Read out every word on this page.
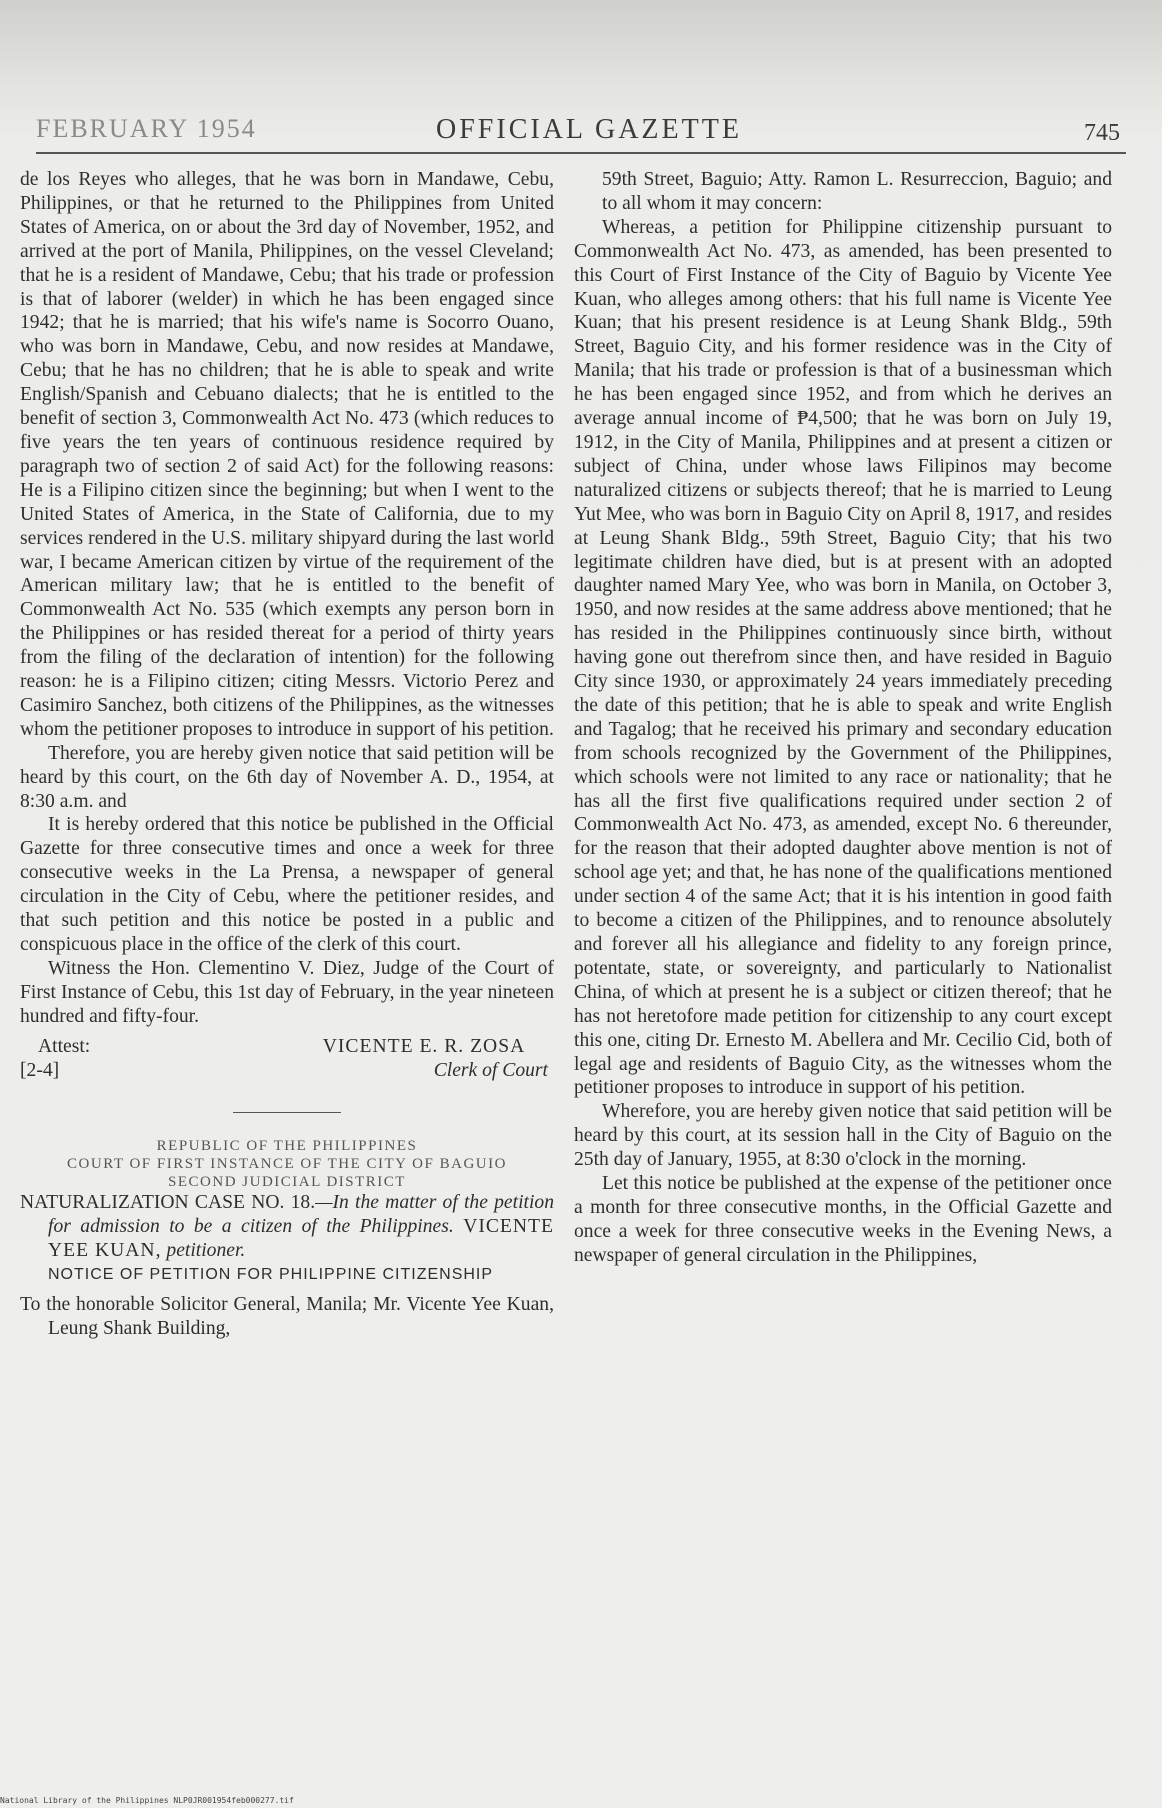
FEBRUARY 1954	OFFICIAL GAZETTE	745

de los Reyes who alleges, that he was born in Mandawe, Cebu, Philippines, or that he returned to the Philippines from United States of America, on or about the 3rd day of November, 1952, and arrived at the port of Manila, Philippines, on the vessel Cleveland; that he is a resident of Mandawe, Cebu; that his trade or profession is that of laborer (welder) in which he has been engaged since 1942; that he is married; that his wife's name is Socorro Ouano, who was born in Mandawe, Cebu, and now resides at Mandawe, Cebu; that he has no children; that he is able to speak and write English/Spanish and Cebuano dialects; that he is entitled to the benefit of section 3, Commonwealth Act No. 473 (which reduces to five years the ten years of continuous residence required by paragraph two of section 2 of said Act) for the following reasons: He is a Filipino citizen since the beginning; but when I went to the United States of America, in the State of California, due to my services rendered in the U.S. military shipyard during the last world war, I became American citizen by virtue of the requirement of the American military law; that he is entitled to the benefit of Commonwealth Act No. 535 (which exempts any person born in the Philippines or has resided thereat for a period of thirty years from the filing of the declaration of intention) for the following reason: he is a Filipino citizen; citing Messrs. Victorio Perez and Casimiro Sanchez, both citizens of the Philippines, as the witnesses whom the petitioner proposes to introduce in support of his petition.

Therefore, you are hereby given notice that said petition will be heard by this court, on the 6th day of November A. D., 1954, at 8:30 a.m. and

It is hereby ordered that this notice be published in the Official Gazette for three consecutive times and once a week for three consecutive weeks in the La Prensa, a newspaper of general circulation in the City of Cebu, where the petitioner resides, and that such petition and this notice be posted in a public and conspicuous place in the office of the clerk of this court.

Witness the Hon. Clementino V. Diez, Judge of the Court of First Instance of Cebu, this 1st day of February, in the year nineteen hundred and fifty-four.

Attest:	VICENTE E. R. ZOSA
[2-4]	Clerk of Court
REPUBLIC OF THE PHILIPPINES
COURT OF FIRST INSTANCE OF THE CITY OF BAGUIO
SECOND JUDICIAL DISTRICT

NATURALIZATION CASE NO. 18.—In the matter of the petition for admission to be a citizen of the Philippines. VICENTE YEE KUAN, petitioner.

NOTICE OF PETITION FOR PHILIPPINE CITIZENSHIP

To the honorable Solicitor General, Manila; Mr. Vicente Yee Kuan, Leung Shank Building,

59th Street, Baguio; Atty. Ramon L. Resurreccion, Baguio; and to all whom it may concern:

Whereas, a petition for Philippine citizenship pursuant to Commonwealth Act No. 473, as amended, has been presented to this Court of First Instance of the City of Baguio by Vicente Yee Kuan, who alleges among others: that his full name is Vicente Yee Kuan; that his present residence is at Leung Shank Bldg., 59th Street, Baguio City, and his former residence was in the City of Manila; that his trade or profession is that of a businessman which he has been engaged since 1952, and from which he derives an average annual income of ₱4,500; that he was born on July 19, 1912, in the City of Manila, Philippines and at present a citizen or subject of China, under whose laws Filipinos may become naturalized citizens or subjects thereof; that he is married to Leung Yut Mee, who was born in Baguio City on April 8, 1917, and resides at Leung Shank Bldg., 59th Street, Baguio City; that his two legitimate children have died, but is at present with an adopted daughter named Mary Yee, who was born in Manila, on October 3, 1950, and now resides at the same address above mentioned; that he has resided in the Philippines continuously since birth, without having gone out therefrom since then, and have resided in Baguio City since 1930, or approximately 24 years immediately preceding the date of this petition; that he is able to speak and write English and Tagalog; that he received his primary and secondary education from schools recognized by the Government of the Philippines, which schools were not limited to any race or nationality; that he has all the first five qualifications required under section 2 of Commonwealth Act No. 473, as amended, except No. 6 thereunder, for the reason that their adopted daughter above mention is not of school age yet; and that, he has none of the qualifications mentioned under section 4 of the same Act; that it is his intention in good faith to become a citizen of the Philippines, and to renounce absolutely and forever all his allegiance and fidelity to any foreign prince, potentate, state, or sovereignty, and particularly to Nationalist China, of which at present he is a subject or citizen thereof; that he has not heretofore made petition for citizenship to any court except this one, citing Dr. Ernesto M. Abellera and Mr. Cecilio Cid, both of legal age and residents of Baguio City, as the witnesses whom the petitioner proposes to introduce in support of his petition.

Wherefore, you are hereby given notice that said petition will be heard by this court, at its session hall in the City of Baguio on the 25th day of January, 1955, at 8:30 o'clock in the morning.

Let this notice be published at the expense of the petitioner once a month for three consecutive months, in the Official Gazette and once a week for three consecutive weeks in the Evening News, a newspaper of general circulation in the Philippines,

National Library of the Philippines NLP0JR001954feb000277.tif
